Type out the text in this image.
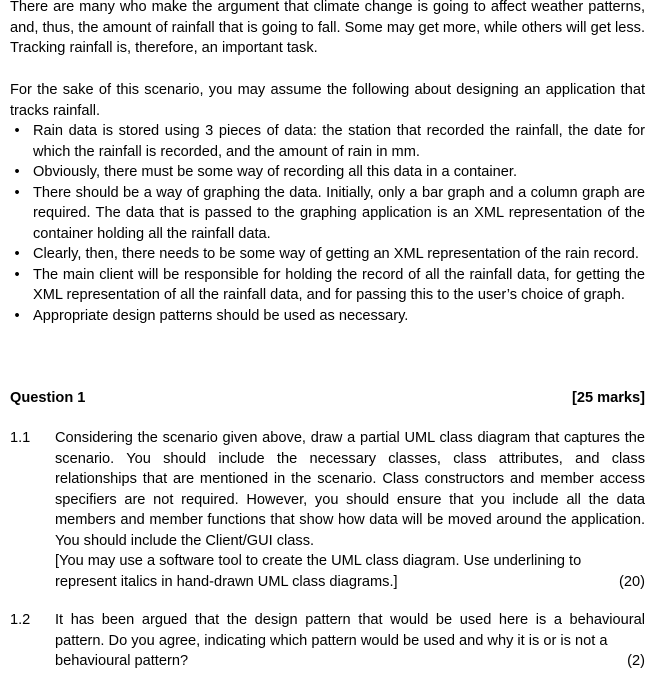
There are many who make the argument that climate change is going to affect weather patterns, and, thus, the amount of rainfall that is going to fall. Some may get more, while others will get less. Tracking rainfall is, therefore, an important task.

For the sake of this scenario, you may assume the following about designing an application that tracks rainfall.

• Rain data is stored using 3 pieces of data: the station that recorded the rainfall, the date for which the rainfall is recorded, and the amount of rain in mm.
• Obviously, there must be some way of recording all this data in a container.
• There should be a way of graphing the data. Initially, only a bar graph and a column graph are required. The data that is passed to the graphing application is an XML representation of the container holding all the rainfall data.
• Clearly, then, there needs to be some way of getting an XML representation of the rain record.
• The main client will be responsible for holding the record of all the rainfall data, for getting the XML representation of all the rainfall data, and for passing this to the user’s choice of graph.
• Appropriate design patterns should be used as necessary.
Question 1	[25 marks]
1.1	Considering the scenario given above, draw a partial UML class diagram that captures the scenario. You should include the necessary classes, class attributes, and class relationships that are mentioned in the scenario. Class constructors and member access specifiers are not required. However, you should ensure that you include all the data members and member functions that show how data will be moved around the application. You should include the Client/GUI class.

[You may use a software tool to create the UML class diagram. Use underlining to

represent italics in hand-drawn UML class diagrams.]	(20)
1.2	It has been argued that the design pattern that would be used here is a behavioural pattern. Do you agree, indicating which pattern would be used and why it is or is not a

behavioural pattern?	(2)
